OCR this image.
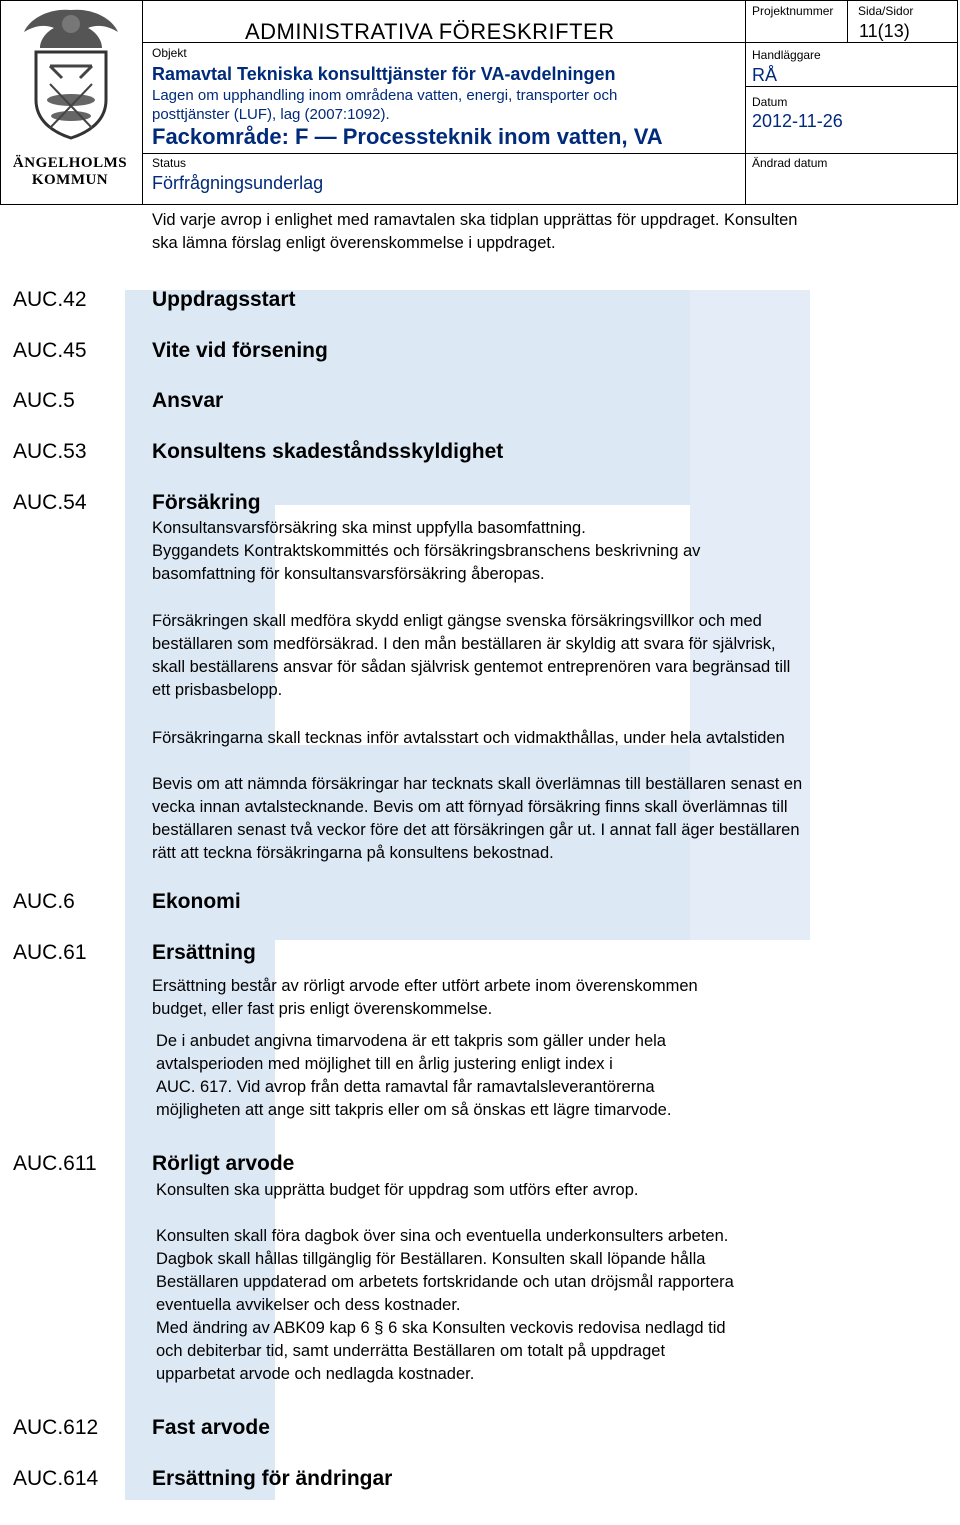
ÄNGELHOLMS
KOMMUN
ADMINISTRATIVA FÖRESKRIFTER
Projektnummer Sida/Sidor
11(13)
Objekt
Ramavtal Tekniska konsulttjänster för VA-avdelningen
Lagen om upphandling inom områdena vatten, energi, transporter och
posttjänster (LUF), lag (2007:1092).
Fackområde: F — Processteknik inom vatten, VA
Handläggare
RÅ
Datum
2012-11-26
Ändrad datum
Status
Förfrågningsunderlag
Vid varje avrop i enlighet med ramavtalen ska tidplan upprättas för uppdraget. Konsulten
ska lämna förslag enligt överenskommelse i uppdraget.
AUC.42	Uppdragsstart
AUC.45	Vite vid försening
AUC.5	Ansvar
AUC.53	Konsultens skadeståndsskyldighet
AUC.54	Försäkring
Konsultansvarsförsäkring ska minst uppfylla basomfattning.
Byggandets Kontraktskommittés och försäkringsbranschens beskrivning av
basomfattning för konsultansvarsförsäkring åberopas.
Försäkringen skall medföra skydd enligt gängse svenska försäkringsvillkor och med
beställaren som medförsäkrad. I den mån beställaren är skyldig att svara för självrisk,
skall beställarens ansvar för sådan självrisk gentemot entreprenören vara begränsad till
ett prisbasbelopp.
Försäkringarna skall tecknas inför avtalsstart och vidmakthållas, under hela avtalstiden
Bevis om att nämnda försäkringar har tecknats skall överlämnas till beställaren senast en
vecka innan avtalstecknande. Bevis om att förnyad försäkring finns skall överlämnas till
beställaren senast två veckor före det att försäkringen går ut. I annat fall äger beställaren
rätt att teckna försäkringarna på konsultens bekostnad.
AUC.6	Ekonomi
AUC.61	Ersättning
Ersättning består av rörligt arvode efter utfört arbete inom överenskommen
budget, eller fast pris enligt överenskommelse.
De i anbudet angivna timarvodena är ett takpris som gäller under hela
avtalsperioden med möjlighet till en årlig justering enligt index i
AUC. 617. Vid avrop från detta ramavtal får ramavtalsleverantörerna
möjligheten att ange sitt takpris eller om så önskas ett lägre timarvode.
AUC.611	Rörligt arvode
Konsulten ska upprätta budget för uppdrag som utförs efter avrop.
Konsulten skall föra dagbok över sina och eventuella underkonsulters arbeten.
Dagbok skall hållas tillgänglig för Beställaren. Konsulten skall löpande hålla
Beställaren uppdaterad om arbetets fortskridande och utan dröjsmål rapportera
eventuella avvikelser och dess kostnader.
Med ändring av ABK09 kap 6 § 6 ska Konsulten veckovis redovisa nedlagd tid
och debiterbar tid, samt underrätta Beställaren om totalt på uppdraget
upparbetat arvode och nedlagda kostnader.
AUC.612	Fast arvode
AUC.614	Ersättning för ändringar
